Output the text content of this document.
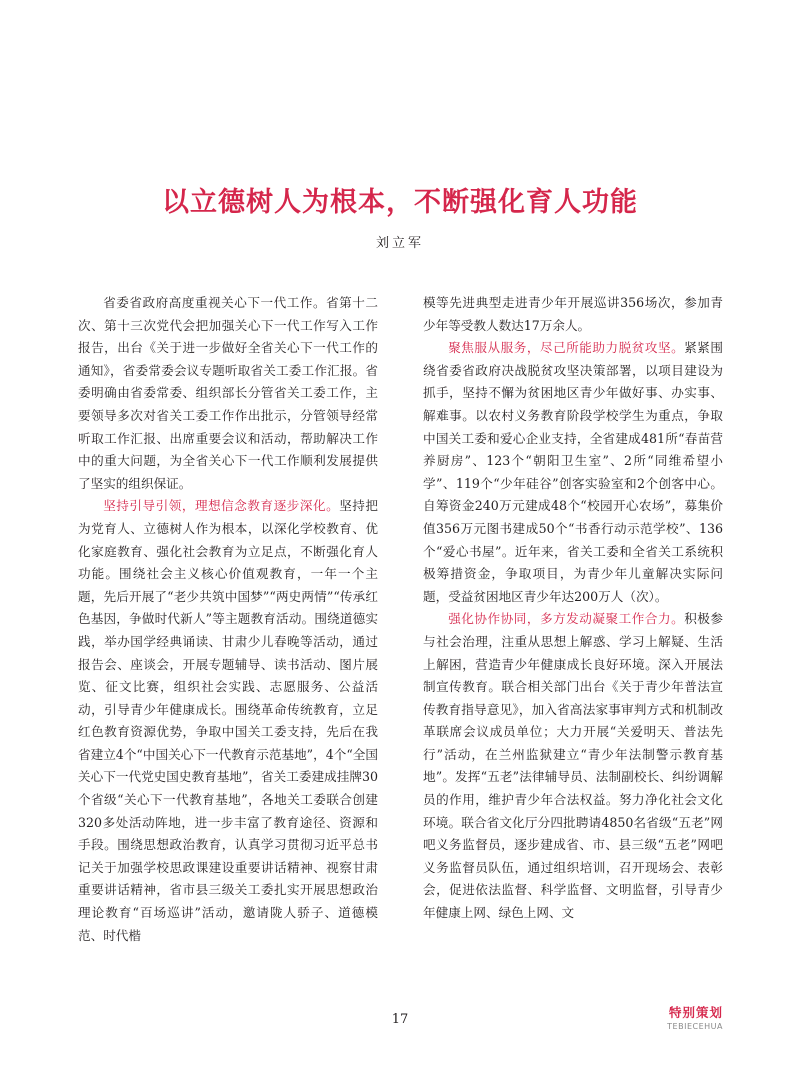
以立德树人为根本，不断强化育人功能
刘立军

省委省政府高度重视关心下一代工作。省第十二次、第十三次党代会把加强关心下一代工作写入工作报告，出台《关于进一步做好全省关心下一代工作的通知》，省委常委会议专题听取省关工委工作汇报。省委明确由省委常委、组织部长分管省关工委工作，主要领导多次对省关工委工作作出批示，分管领导经常听取工作汇报、出席重要会议和活动，帮助解决工作中的重大问题，为全省关心下一代工作顺利发展提供了坚实的组织保证。

坚持引导引领，理想信念教育逐步深化。坚持把为党育人、立德树人作为根本，以深化学校教育、优化家庭教育、强化社会教育为立足点，不断强化育人功能。围绕社会主义核心价值观教育，一年一个主题，先后开展了“老少共筑中国梦”“两史两情”“传承红色基因，争做时代新人”等主题教育活动。围绕道德实践，举办国学经典诵读、甘肃少儿春晚等活动，通过报告会、座谈会，开展专题辅导、读书活动、图片展览、征文比赛，组织社会实践、志愿服务、公益活动，引导青少年健康成长。围绕革命传统教育，立足红色教育资源优势，争取中国关工委支持，先后在我省建立4个“中国关心下一代教育示范基地”，4个“全国关心下一代党史国史教育基地”，省关工委建成挂牌30个省级“关心下一代教育基地”，各地关工委联合创建320多处活动阵地，进一步丰富了教育途径、资源和手段。围绕思想政治教育，认真学习贯彻习近平总书记关于加强学校思政课建设重要讲话精神、视察甘肃重要讲话精神，省市县三级关工委扎实开展思想政治理论教育“百场巡讲”活动，邀请陇人骄子、道德模范、时代楷

模等先进典型走进青少年开展巡讲356场次，参加青少年等受教人数达17万余人。

聚焦服从服务，尽己所能助力脱贫攻坚。紧紧围绕省委省政府决战脱贫攻坚决策部署，以项目建设为抓手，坚持不懈为贫困地区青少年做好事、办实事、解难事。以农村义务教育阶段学校学生为重点，争取中国关工委和爱心企业支持，全省建成481所“春苗营养厨房”、123个“朝阳卫生室”、2所“同维希望小学”、119个“少年硅谷”创客实验室和2个创客中心。自筹资金240万元建成48个“校园开心农场”，募集价值356万元图书建成50个“书香行动示范学校”、136个“爱心书屋”。近年来，省关工委和全省关工系统积极筹措资金，争取项目，为青少年儿童解决实际问题，受益贫困地区青少年达200万人（次）。

强化协作协同，多方发动凝聚工作合力。积极参与社会治理，注重从思想上解惑、学习上解疑、生活上解困，营造青少年健康成长良好环境。深入开展法制宣传教育。联合相关部门出台《关于青少年普法宣传教育指导意见》，加入省高法家事审判方式和机制改革联席会议成员单位；大力开展“关爱明天、普法先行”活动，在兰州监狱建立“青少年法制警示教育基地”。发挥“五老”法律辅导员、法制副校长、纠纷调解员的作用，维护青少年合法权益。努力净化社会文化环境。联合省文化厅分四批聘请4850名省级“五老”网吧义务监督员，逐步建成省、市、县三级“五老”网吧义务监督员队伍，通过组织培训，召开现场会、表彰会，促进依法监督、科学监督、文明监督，引导青少年健康上网、绿色上网、文

17	特别策划
TEBIECEHUA
